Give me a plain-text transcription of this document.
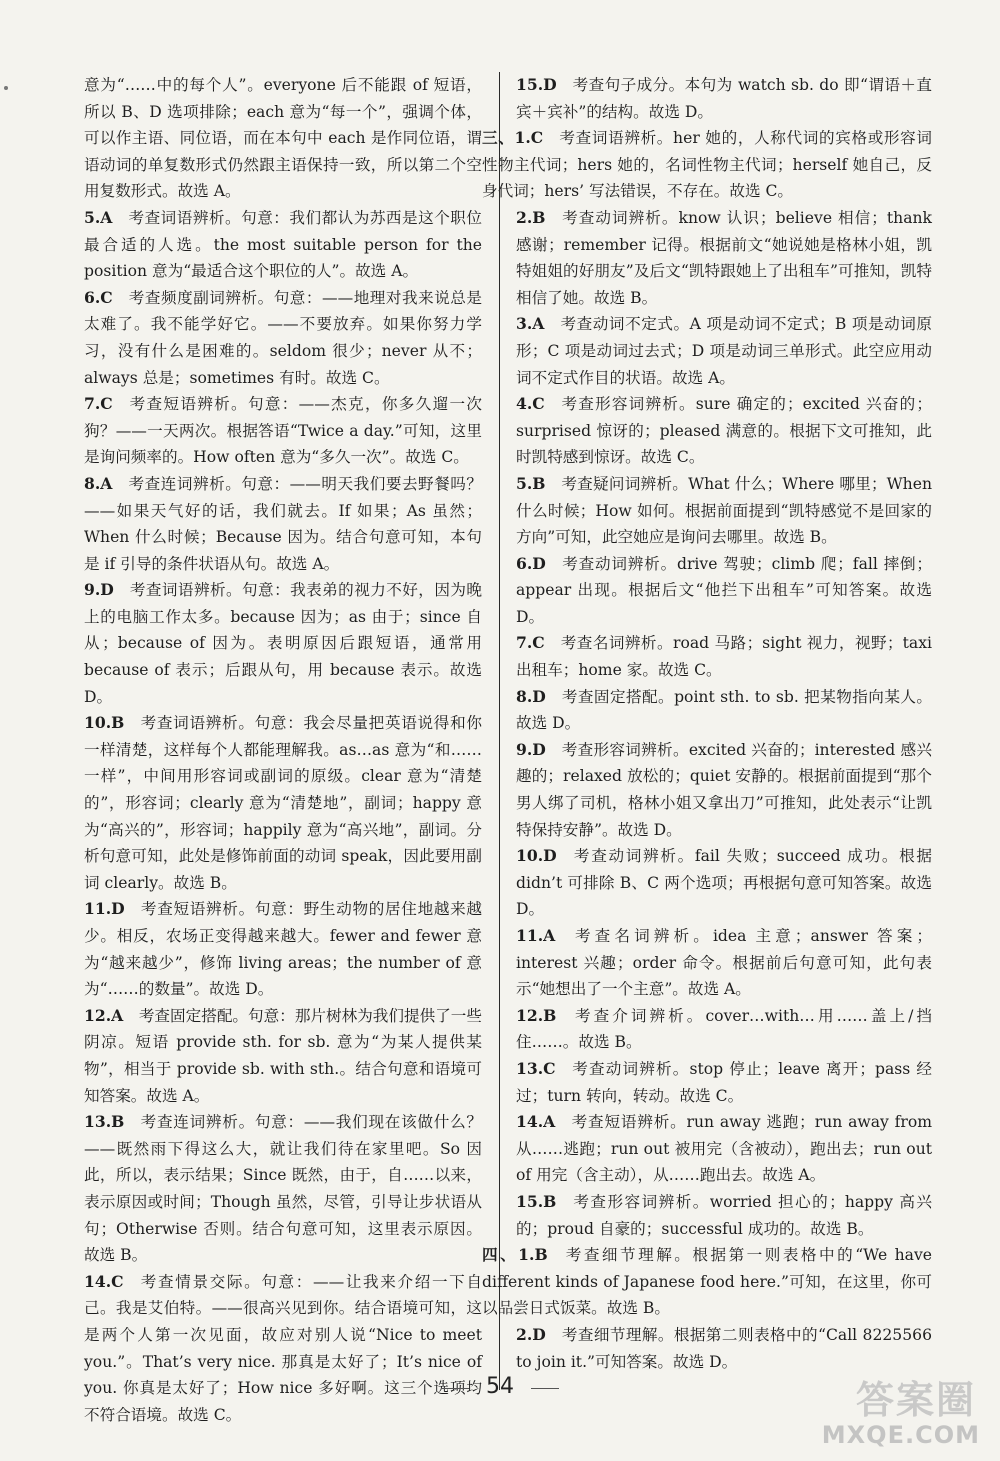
意为“……中的每个人”。everyone 后不能跟 of 短语，所以 B、D 选项排除；each 意为“每一个”，强调个体，可以作主语、同位语，而在本句中 each 是作同位语，谓语动词的单复数形式仍然跟主语保持一致，所以第二个空用复数形式。故选 A。

5.A  考查词语辨析。句意：我们都认为苏西是这个职位最合适的人选。the most suitable person for the position 意为“最适合这个职位的人”。故选 A。

6.C  考查频度副词辨析。句意：——地理对我来说总是太难了。我不能学好它。——不要放弃。如果你努力学习，没有什么是困难的。seldom 很少；never 从不；always 总是；sometimes 有时。故选 C。

7.C  考查短语辨析。句意：——杰克，你多久遛一次狗？——一天两次。根据答语“Twice a day.”可知，这里是询问频率的。How often 意为“多久一次”。故选 C。

8.A  考查连词辨析。句意：——明天我们要去野餐吗？——如果天气好的话，我们就去。If 如果；As 虽然；When 什么时候；Because 因为。结合句意可知，本句是 if 引导的条件状语从句。故选 A。

9.D  考查词语辨析。句意：我表弟的视力不好，因为晚上的电脑工作太多。because 因为；as 由于；since 自从；because of 因为。表明原因后跟短语，通常用 because of 表示；后跟从句，用 because 表示。故选 D。

10.B  考查词语辨析。句意：我会尽量把英语说得和你一样清楚，这样每个人都能理解我。as…as 意为“和……一样”，中间用形容词或副词的原级。clear 意为“清楚的”，形容词；clearly 意为“清楚地”，副词；happy 意为“高兴的”，形容词；happily 意为“高兴地”，副词。分析句意可知，此处是修饰前面的动词 speak，因此要用副词 clearly。故选 B。

11.D  考查短语辨析。句意：野生动物的居住地越来越少。相反，农场正变得越来越大。fewer and fewer 意为“越来越少”，修饰 living areas；the number of 意为“……的数量”。故选 D。

12.A  考查固定搭配。句意：那片树林为我们提供了一些阴凉。短语 provide sth. for sb. 意为“为某人提供某物”，相当于 provide sb. with sth.。结合句意和语境可知答案。故选 A。

13.B  考查连词辨析。句意：——我们现在该做什么？——既然雨下得这么大，就让我们待在家里吧。So 因此，所以，表示结果；Since 既然，由于，自……以来，表示原因或时间；Though 虽然，尽管，引导让步状语从句；Otherwise 否则。结合句意可知，这里表示原因。故选 B。

14.C  考查情景交际。句意：——让我来介绍一下自己。我是艾伯特。——很高兴见到你。结合语境可知，这是两个人第一次见面，故应对别人说“Nice to meet you.”。That’s very nice. 那真是太好了；It’s nice of you. 你真是太好了；How nice 多好啊。这三个选项均不符合语境。故选 C。

15.D  考查句子成分。本句为 watch sb. do 即“谓语＋直宾＋宾补”的结构。故选 D。

三、1.C  考查词语辨析。her 她的，人称代词的宾格或形容词性物主代词；hers 她的，名词性物主代词；herself 她自己，反身代词；hers’ 写法错误，不存在。故选 C。

2.B  考查动词辨析。know 认识；believe 相信；thank 感谢；remember 记得。根据前文“她说她是格林小姐，凯特姐姐的好朋友”及后文“凯特跟她上了出租车”可推知，凯特相信了她。故选 B。

3.A  考查动词不定式。A 项是动词不定式；B 项是动词原形；C 项是动词过去式；D 项是动词三单形式。此空应用动词不定式作目的状语。故选 A。

4.C  考查形容词辨析。sure 确定的；excited 兴奋的；surprised 惊讶的；pleased 满意的。根据下文可推知，此时凯特感到惊讶。故选 C。

5.B  考查疑问词辨析。What 什么；Where 哪里；When 什么时候；How 如何。根据前面提到“凯特感觉不是回家的方向”可知，此空她应是询问去哪里。故选 B。

6.D  考查动词辨析。drive 驾驶；climb 爬；fall 摔倒；appear 出现。根据后文“他拦下出租车”可知答案。故选 D。

7.C  考查名词辨析。road 马路；sight 视力，视野；taxi 出租车；home 家。故选 C。

8.D  考查固定搭配。point sth. to sb. 把某物指向某人。故选 D。

9.D  考查形容词辨析。excited 兴奋的；interested 感兴趣的；relaxed 放松的；quiet 安静的。根据前面提到“那个男人绑了司机，格林小姐又拿出刀”可推知，此处表示“让凯特保持安静”。故选 D。

10.D  考查动词辨析。fail 失败；succeed 成功。根据 didn’t 可排除 B、C 两个选项；再根据句意可知答案。故选 D。

11.A  考查名词辨析。idea 主意；answer 答案；interest 兴趣；order 命令。根据前后句意可知，此句表示“她想出了一个主意”。故选 A。

12.B  考查介词辨析。cover…with…用……盖上/挡住……。故选 B。

13.C  考查动词辨析。stop 停止；leave 离开；pass 经过；turn 转向，转动。故选 C。

14.A  考查短语辨析。run away 逃跑；run away from 从……逃跑；run out 被用完（含被动），跑出去；run out of 用完（含主动），从……跑出去。故选 A。

15.B  考查形容词辨析。worried 担心的；happy 高兴的；proud 自豪的；successful 成功的。故选 B。

四、1.B  考查细节理解。根据第一则表格中的“We have different kinds of Japanese food here.”可知，在这里，你可以品尝日式饭菜。故选 B。

2.D  考查细节理解。根据第二则表格中的“Call 8225566 to join it.”可知答案。故选 D。

54	答案圈
MXQE.COM
